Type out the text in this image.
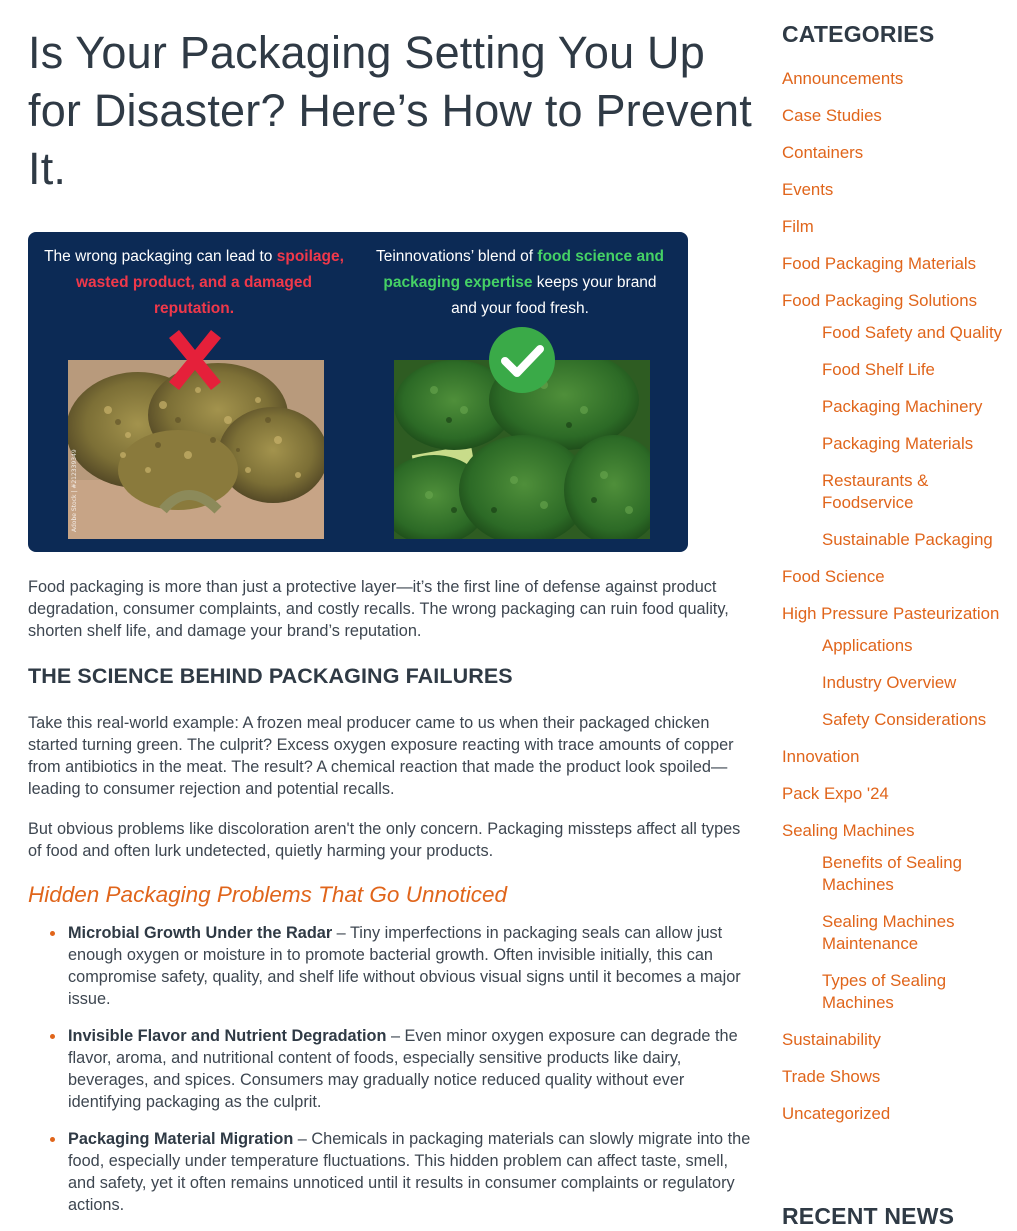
Is Your Packaging Setting You Up for Disaster? Here’s How to Prevent It.
The wrong packaging can lead to spoilage, wasted product, and a damaged reputation.
Teinnovations’ blend of food science and packaging expertise keeps your brand and your food fresh.
Adobe Stock | #212339349

Food packaging is more than just a protective layer—it’s the first line of defense against product degradation, consumer complaints, and costly recalls. The wrong packaging can ruin food quality, shorten shelf life, and damage your brand’s reputation.

THE SCIENCE BEHIND PACKAGING FAILURES

Take this real-world example: A frozen meal producer came to us when their packaged chicken started turning green. The culprit? Excess oxygen exposure reacting with trace amounts of copper from antibiotics in the meat. The result? A chemical reaction that made the product look spoiled—leading to consumer rejection and potential recalls.

But obvious problems like discoloration aren't the only concern. Packaging missteps affect all types of food and often lurk undetected, quietly harming your products.

Hidden Packaging Problems That Go Unnoticed
Microbial Growth Under the Radar – Tiny imperfections in packaging seals can allow just enough oxygen or moisture in to promote bacterial growth. Often invisible initially, this can compromise safety, quality, and shelf life without obvious visual signs until it becomes a major issue.
Invisible Flavor and Nutrient Degradation – Even minor oxygen exposure can degrade the flavor, aroma, and nutritional content of foods, especially sensitive products like dairy, beverages, and spices. Consumers may gradually notice reduced quality without ever identifying packaging as the culprit.
Packaging Material Migration – Chemicals in packaging materials can slowly migrate into the food, especially under temperature fluctuations. This hidden problem can affect taste, smell, and safety, yet it often remains unnoticed until it results in consumer complaints or regulatory actions.
CATEGORIES
Announcements
Case Studies
Containers
Events
Film
Food Packaging Materials
Food Packaging Solutions
Food Safety and Quality
Food Shelf Life
Packaging Machinery
Packaging Materials
Restaurants & Foodservice
Sustainable Packaging
Food Science
High Pressure Pasteurization
Applications
Industry Overview
Safety Considerations
Innovation
Pack Expo '24
Sealing Machines
Benefits of Sealing Machines
Sealing Machines Maintenance
Types of Sealing Machines
Sustainability
Trade Shows
Uncategorized
RECENT NEWS
